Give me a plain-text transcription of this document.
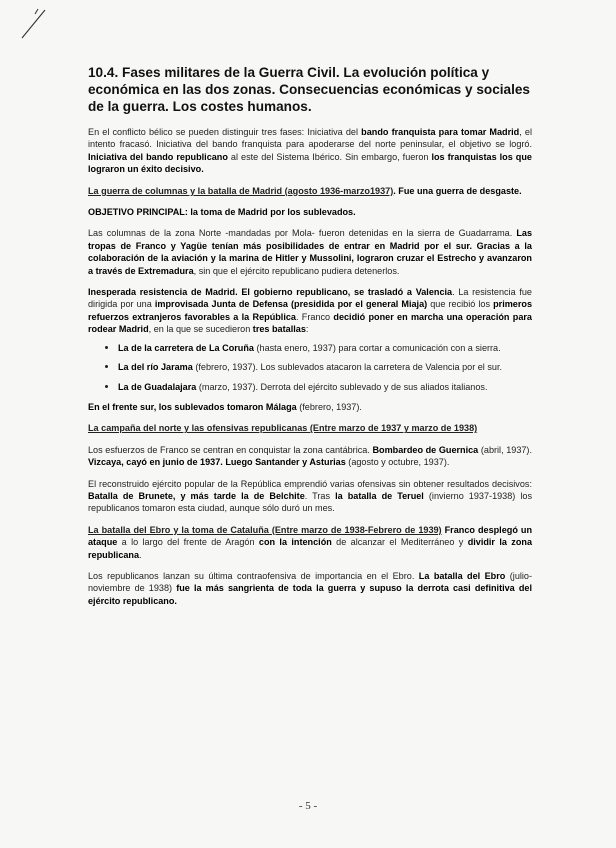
10.4. Fases militares de la Guerra Civil. La evolución política y económica en las dos zonas. Consecuencias económicas y sociales de la guerra. Los costes humanos.

En el conflicto bélico se pueden distinguir tres fases: Iniciativa del bando franquista para tomar Madrid, el intento fracasó. Iniciativa del bando franquista para apoderarse del norte peninsular, el objetivo se logró. Iniciativa del bando republicano al este del Sistema Ibérico. Sin embargo, fueron los franquistas los que lograron un éxito decisivo.

La guerra de columnas y la batalla de Madrid (agosto 1936-marzo1937). Fue una guerra de desgaste.

OBJETIVO PRINCIPAL: la toma de Madrid por los sublevados.

Las columnas de la zona Norte -mandadas por Mola- fueron detenidas en la sierra de Guadarrama. Las tropas de Franco y Yagüe tenían más posibilidades de entrar en Madrid por el sur. Gracias a la colaboración de la aviación y la marina de Hitler y Mussolini, lograron cruzar el Estrecho y avanzaron a través de Extremadura, sin que el ejército republicano pudiera detenerlos.

Inesperada resistencia de Madrid. El gobierno republicano, se trasladó a Valencia. La resistencia fue dirigida por una improvisada Junta de Defensa (presidida por el general Miaja) que recibió los primeros refuerzos extranjeros favorables a la República. Franco decidió poner en marcha una operación para rodear Madrid, en la que se sucedieron tres batallas:

• La de la carretera de La Coruña (hasta enero, 1937) para cortar a comunicación con a sierra.
• La del río Jarama (febrero, 1937). Los sublevados atacaron la carretera de Valencia por el sur.
• La de Guadalajara (marzo, 1937). Derrota del ejército sublevado y de sus aliados italianos.

En el frente sur, los sublevados tomaron Málaga (febrero, 1937).

La campaña del norte y las ofensivas republicanas (Entre marzo de 1937 y marzo de 1938)

Los esfuerzos de Franco se centran en conquistar la zona cantábrica. Bombardeo de Guernica (abril, 1937). Vizcaya, cayó en junio de 1937. Luego Santander y Asturias (agosto y octubre, 1937).

El reconstruido ejército popular de la República emprendió varias ofensivas sin obtener resultados decisivos: Batalla de Brunete, y más tarde la de Belchite. Tras la batalla de Teruel (invierno 1937-1938) los republicanos tomaron esta ciudad, aunque sólo duró un mes.

La batalla del Ebro y la toma de Cataluña (Entre marzo de 1938-Febrero de 1939) Franco desplegó un ataque a lo largo del frente de Aragón con la intención de alcanzar el Mediterráneo y dividir la zona republicana.

Los republicanos lanzan su última contraofensiva de importancia en el Ebro. La batalla del Ebro (julio-noviembre de 1938) fue la más sangrienta de toda la guerra y supuso la derrota casi definitiva del ejército republicano.

- 5 -
